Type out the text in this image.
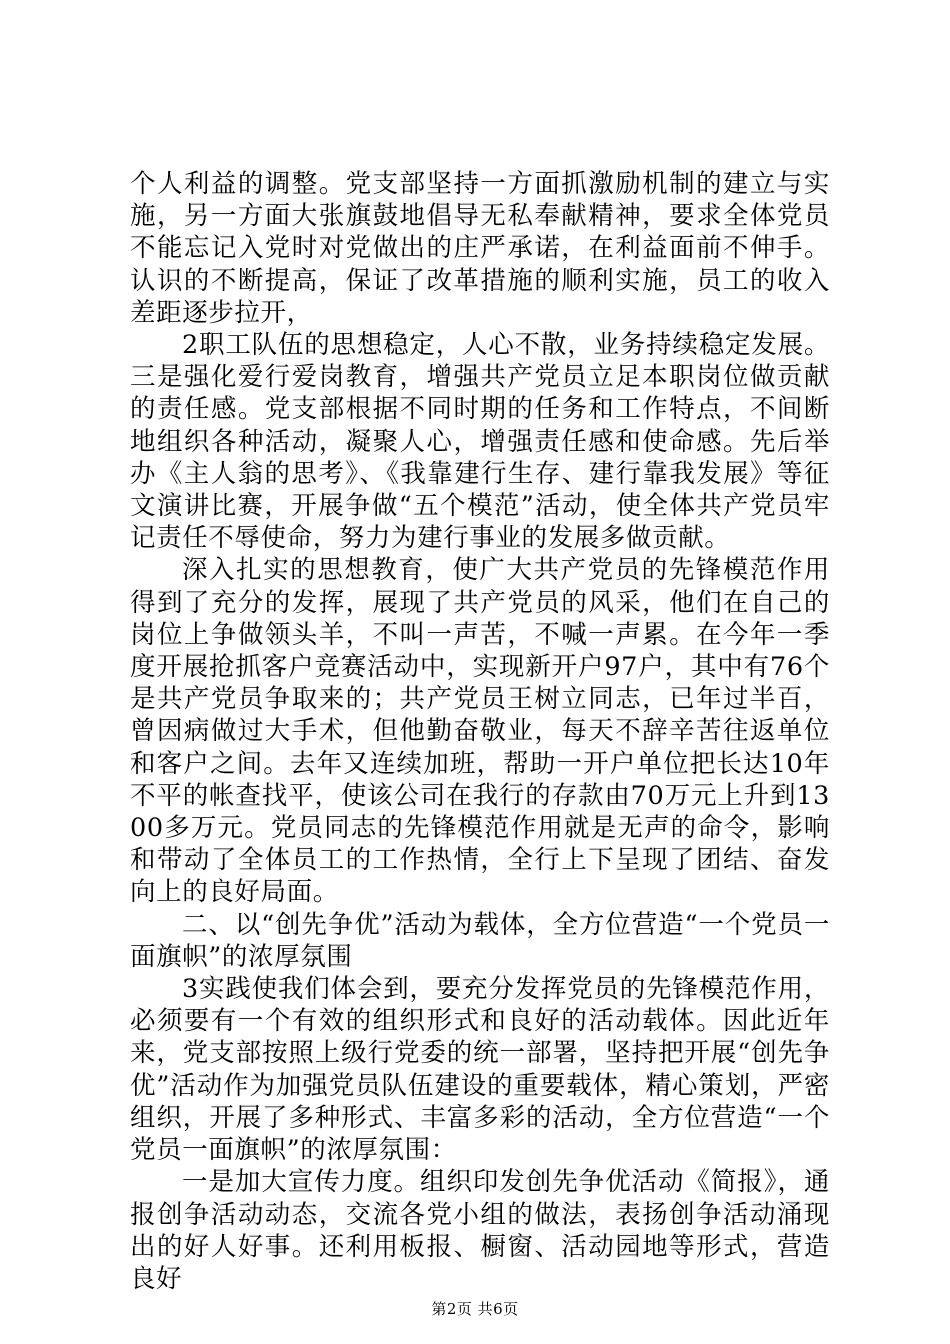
个人利益的调整。党支部坚持一方面抓激励机制的建立与实施，另一方面大张旗鼓地倡导无私奉献精神，要求全体党员不能忘记入党时对党做出的庄严承诺，在利益面前不伸手。认识的不断提高，保证了改革措施的顺利实施，员工的收入差距逐步拉开，

2职工队伍的思想稳定，人心不散，业务持续稳定发展。三是强化爱行爱岗教育，增强共产党员立足本职岗位做贡献的责任感。党支部根据不同时期的任务和工作特点，不间断地组织各种活动，凝聚人心，增强责任感和使命感。先后举办《主人翁的思考》、《我靠建行生存、建行靠我发展》等征文演讲比赛，开展争做“五个模范”活动，使全体共产党员牢记责任不辱使命，努力为建行事业的发展多做贡献。

深入扎实的思想教育，使广大共产党员的先锋模范作用得到了充分的发挥，展现了共产党员的风采，他们在自己的岗位上争做领头羊，不叫一声苦，不喊一声累。在今年一季度开展抢抓客户竞赛活动中，实现新开户97户，其中有76个是共产党员争取来的；共产党员王树立同志，已年过半百，曾因病做过大手术，但他勤奋敬业，每天不辞辛苦往返单位和客户之间。去年又连续加班，帮助一开户单位把长达10年不平的帐查找平，使该公司在我行的存款由70万元上升到1300多万元。党员同志的先锋模范作用就是无声的命令，影响和带动了全体员工的工作热情，全行上下呈现了团结、奋发向上的良好局面。

二、以“创先争优”活动为载体，全方位营造“一个党员一面旗帜”的浓厚氛围

3实践使我们体会到，要充分发挥党员的先锋模范作用，必须要有一个有效的组织形式和良好的活动载体。因此近年来，党支部按照上级行党委的统一部署，坚持把开展“创先争优”活动作为加强党员队伍建设的重要载体，精心策划，严密组织，开展了多种形式、丰富多彩的活动，全方位营造“一个党员一面旗帜”的浓厚氛围：

一是加大宣传力度。组织印发创先争优活动《简报》，通报创争活动动态，交流各党小组的做法，表扬创争活动涌现出的好人好事。还利用板报、橱窗、活动园地等形式，营造良好

第2页 共6页
